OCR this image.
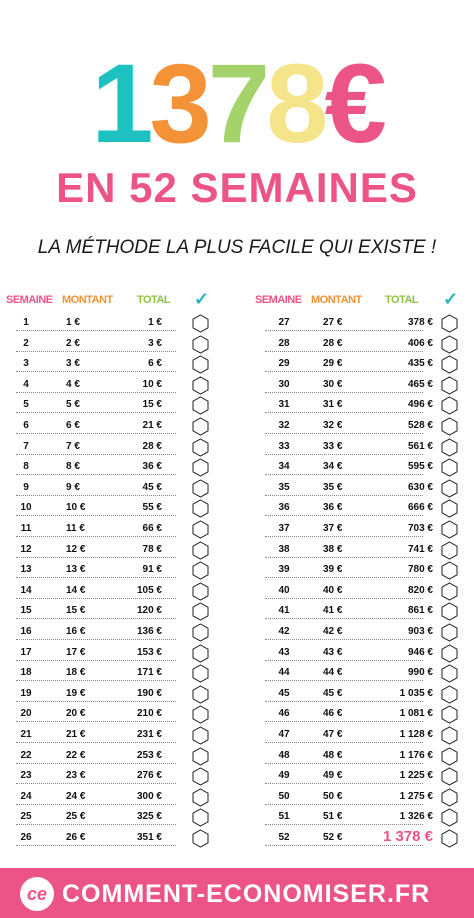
1378€
EN 52 SEMAINES
LA MÉTHODE LA PLUS FACILE QUI EXISTE !
SEMAINE MONTANT TOTAL ✓
1	1 €	1 €
2	2 €	3 €
3	3 €	6 €
4	4 €	10 €
5	5 €	15 €
6	6 €	21 €
7	7 €	28 €
8	8 €	36 €
9	9 €	45 €
10	10 €	55 €
11	11 €	66 €
12	12 €	78 €
13	13 €	91 €
14	14 €	105 €
15	15 €	120 €
16	16 €	136 €
17	17 €	153 €
18	18 €	171 €
19	19 €	190 €
20	20 €	210 €
21	21 €	231 €
22	22 €	253 €
23	23 €	276 €
24	24 €	300 €
25	25 €	325 €
26	26 €	351 €
SEMAINE MONTANT TOTAL ✓
27	27 €	378 €
28	28 €	406 €
29	29 €	435 €
30	30 €	465 €
31	31 €	496 €
32	32 €	528 €
33	33 €	561 €
34	34 €	595 €
35	35 €	630 €
36	36 €	666 €
37	37 €	703 €
38	38 €	741 €
39	39 €	780 €
40	40 €	820 €
41	41 €	861 €
42	42 €	903 €
43	43 €	946 €
44	44 €	990 €
45	45 €	1 035 €
46	46 €	1 081 €
47	47 €	1 128 €
48	48 €	1 176 €
49	49 €	1 225 €
50	50 €	1 275 €
51	51 €	1 326 €
52	52 €	1 378 €
ce COMMENT-ECONOMISER.FR
